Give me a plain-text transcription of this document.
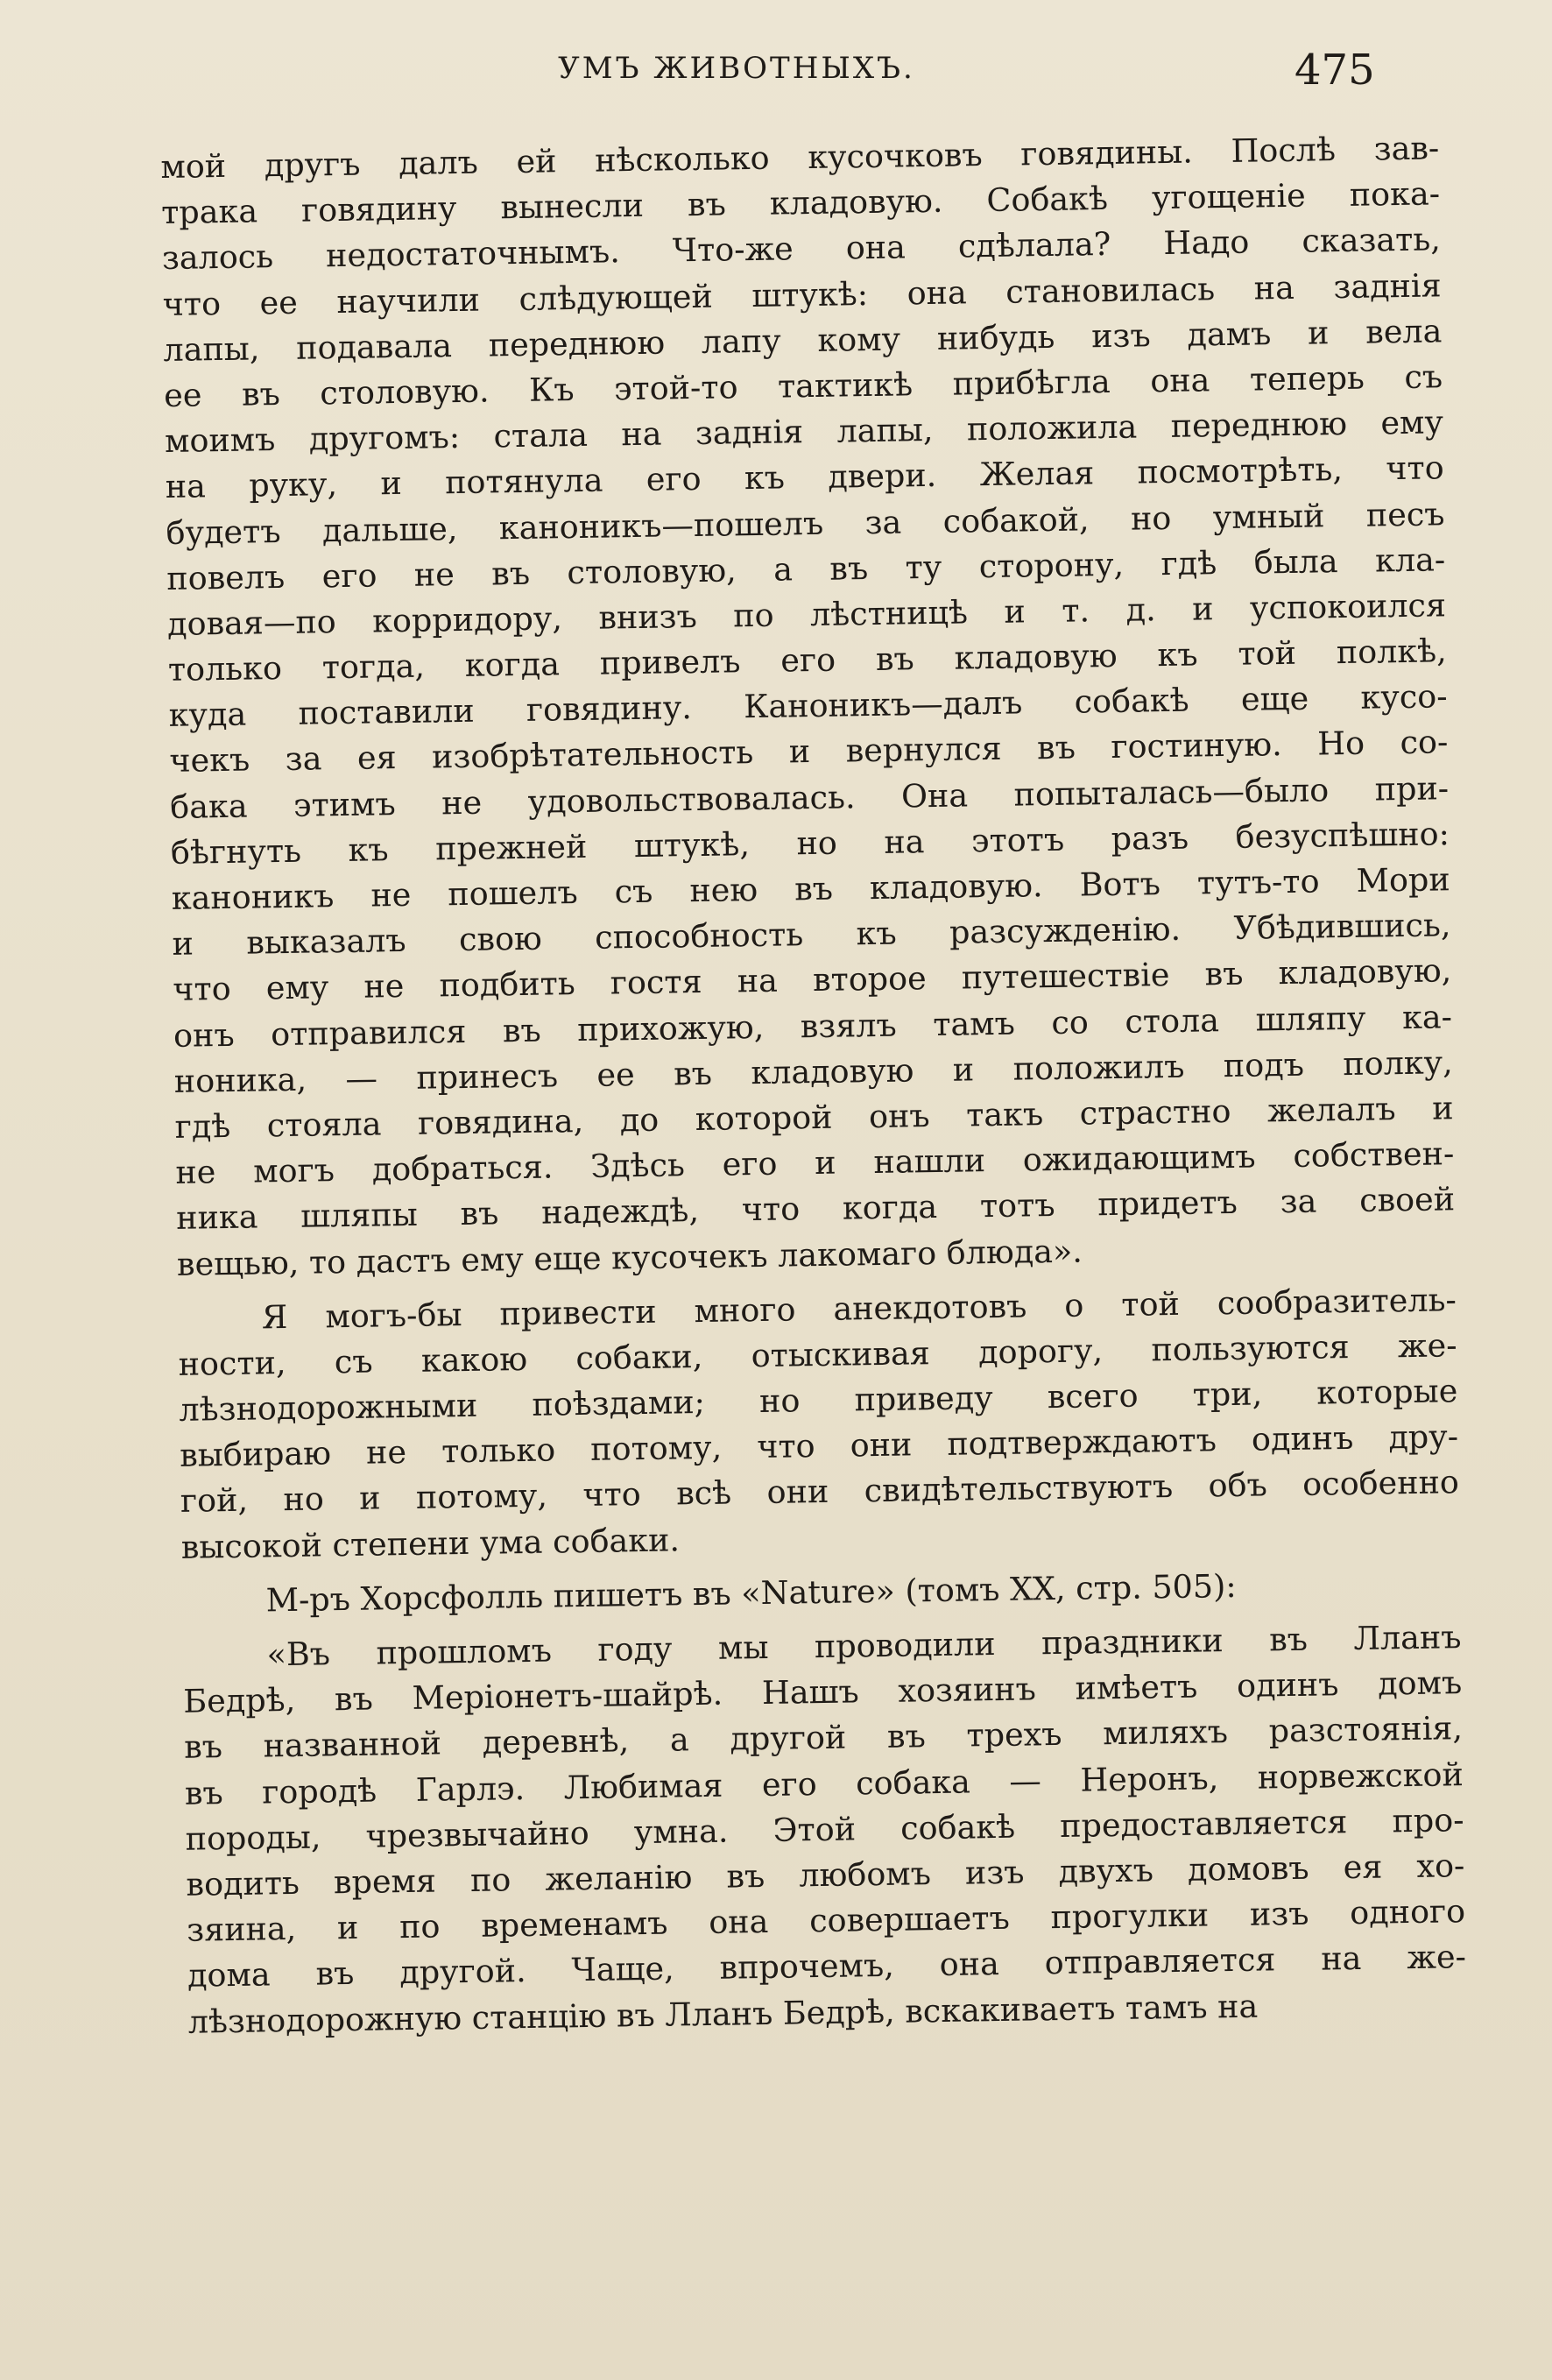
УМЪ ЖИВОТНЫХЪ.	475
мой другъ далъ ей нѣсколько кусочковъ говядины. Послѣ зав-
трака говядину вынесли въ кладовую. Собакѣ угощеніе пока-
залось недостаточнымъ. Что-же она сдѣлала? Надо сказать,
что ее научили слѣдующей штукѣ: она становилась на заднія
лапы, подавала переднюю лапу кому нибудь изъ дамъ и вела
ее въ столовую. Къ этой-то тактикѣ прибѣгла она теперь съ
моимъ другомъ: стала на заднія лапы, положила переднюю ему
на руку, и потянула его къ двери. Желая посмотрѣть, что
будетъ дальше, каноникъ—пошелъ за собакой, но умный песъ
повелъ его не въ столовую, а въ ту сторону, гдѣ была кла-
довая—по корридору, внизъ по лѣстницѣ и т. д. и успокоился
только тогда, когда привелъ его въ кладовую къ той полкѣ,
куда поставили говядину. Каноникъ—далъ собакѣ еще кусо-
чекъ за ея изобрѣтательность и вернулся въ гостиную. Но со-
бака этимъ не удовольствовалась. Она попыталась—было при-
бѣгнуть къ прежней штукѣ, но на этотъ разъ безуспѣшно:
каноникъ не пошелъ съ нею въ кладовую. Вотъ тутъ-то Мори
и выказалъ свою способность къ разсужденію. Убѣдившись,
что ему не подбить гостя на второе путешествіе въ кладовую,
онъ отправился въ прихожую, взялъ тамъ со стола шляпу ка-
ноника, — принесъ ее въ кладовую и положилъ подъ полку,
гдѣ стояла говядина, до которой онъ такъ страстно желалъ и
не могъ добраться. Здѣсь его и нашли ожидающимъ собствен-
ника шляпы въ надеждѣ, что когда тотъ придетъ за своей
вещью, то дастъ ему еще кусочекъ лакомаго блюда».
Я могъ-бы привести много анекдотовъ о той сообразитель-
ности, съ какою собаки, отыскивая дорогу, пользуются же-
лѣзнодорожными поѣздами; но приведу всего три, которые
выбираю не только потому, что они подтверждаютъ одинъ дру-
гой, но и потому, что всѣ они свидѣтельствуютъ объ особенно
высокой степени ума собаки.
М-ръ Хорсфолль пишетъ въ «Nature» (томъ XX, стр. 505):
«Въ прошломъ году мы проводили праздники въ Лланъ
Бедрѣ, въ Меріонетъ-шайрѣ. Нашъ хозяинъ имѣетъ одинъ домъ
въ названной деревнѣ, а другой въ трехъ миляхъ разстоянія,
въ городѣ Гарлэ. Любимая его собака — Неронъ, норвежской
породы, чрезвычайно умна. Этой собакѣ предоставляется про-
водить время по желанію въ любомъ изъ двухъ домовъ ея хо-
зяина, и по временамъ она совершаетъ прогулки изъ одного
дома въ другой. Чаще, впрочемъ, она отправляется на же-
лѣзнодорожную станцію въ Лланъ Бедрѣ, вскакиваетъ тамъ на
